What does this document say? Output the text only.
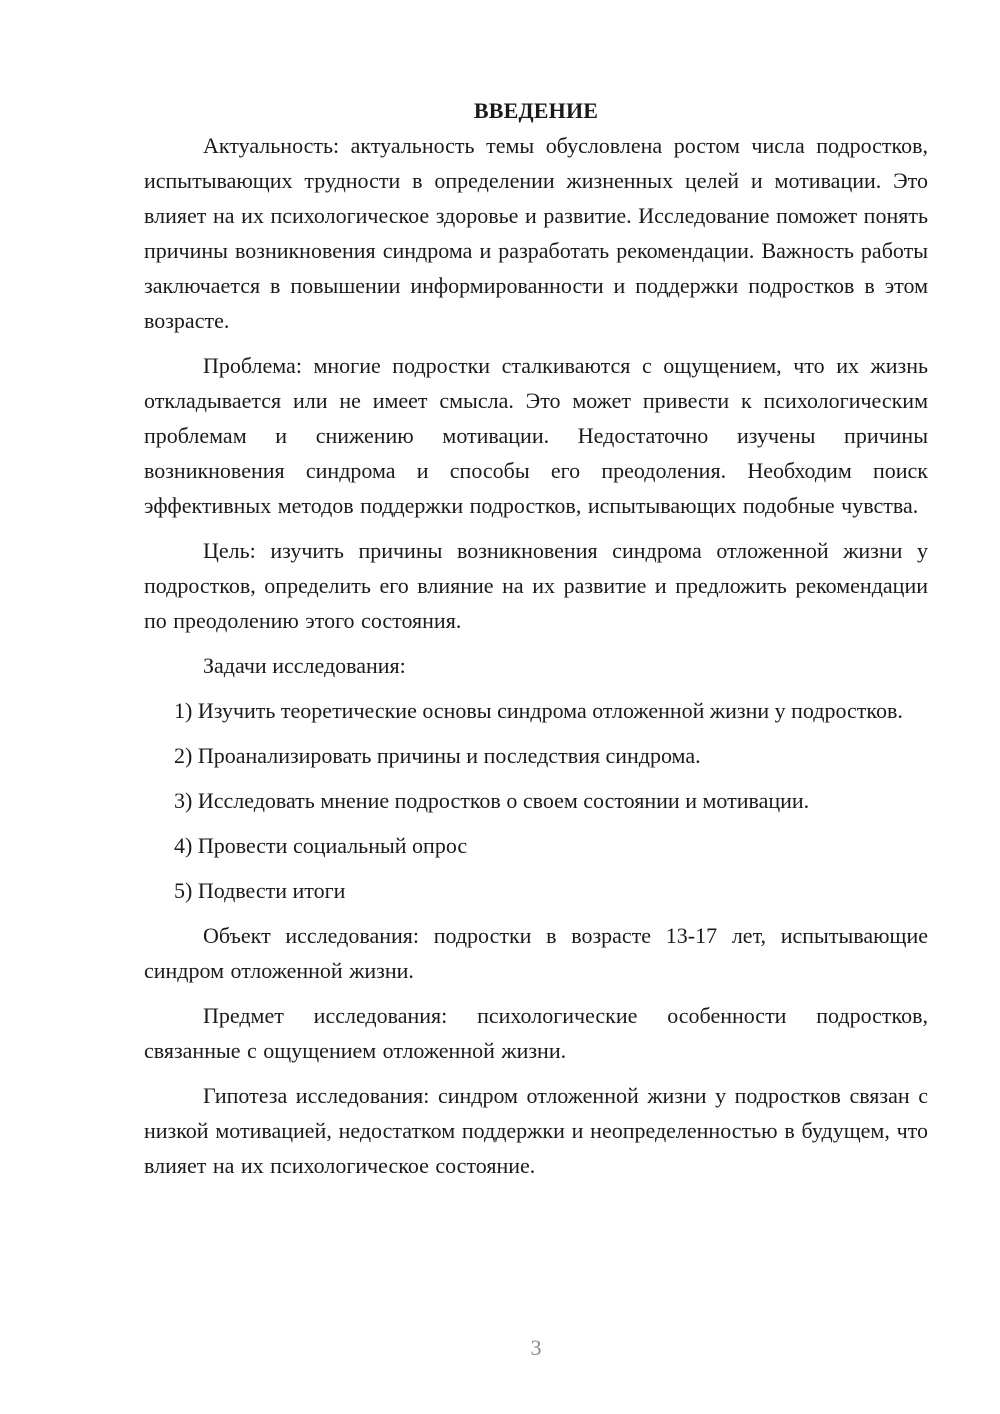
ВВЕДЕНИЕ

Актуальность: актуальность темы обусловлена ростом числа подростков, испытывающих трудности в определении жизненных целей и мотивации. Это влияет на их психологическое здоровье и развитие. Исследование поможет понять причины возникновения синдрома и разработать рекомендации. Важность работы заключается в повышении информированности и поддержки подростков в этом возрасте.

Проблема: многие подростки сталкиваются с ощущением, что их жизнь откладывается или не имеет смысла. Это может привести к психологическим проблемам и снижению мотивации. Недостаточно изучены причины возникновения синдрома и способы его преодоления. Необходим поиск эффективных методов поддержки подростков, испытывающих подобные чувства.

Цель: изучить причины возникновения синдрома отложенной жизни у подростков, определить его влияние на их развитие и предложить рекомендации по преодолению этого состояния.

Задачи исследования:

1) Изучить теоретические основы синдрома отложенной жизни у подростков.

2) Проанализировать причины и последствия синдрома.

3) Исследовать мнение подростков о своем состоянии и мотивации.

4) Провести социальный опрос

5) Подвести итоги

Объект исследования: подростки в возрасте 13-17 лет, испытывающие синдром отложенной жизни.

Предмет исследования: психологические особенности подростков, связанные с ощущением отложенной жизни.

Гипотеза исследования: синдром отложенной жизни у подростков связан с низкой мотивацией, недостатком поддержки и неопределенностью в будущем, что влияет на их психологическое состояние.

3
